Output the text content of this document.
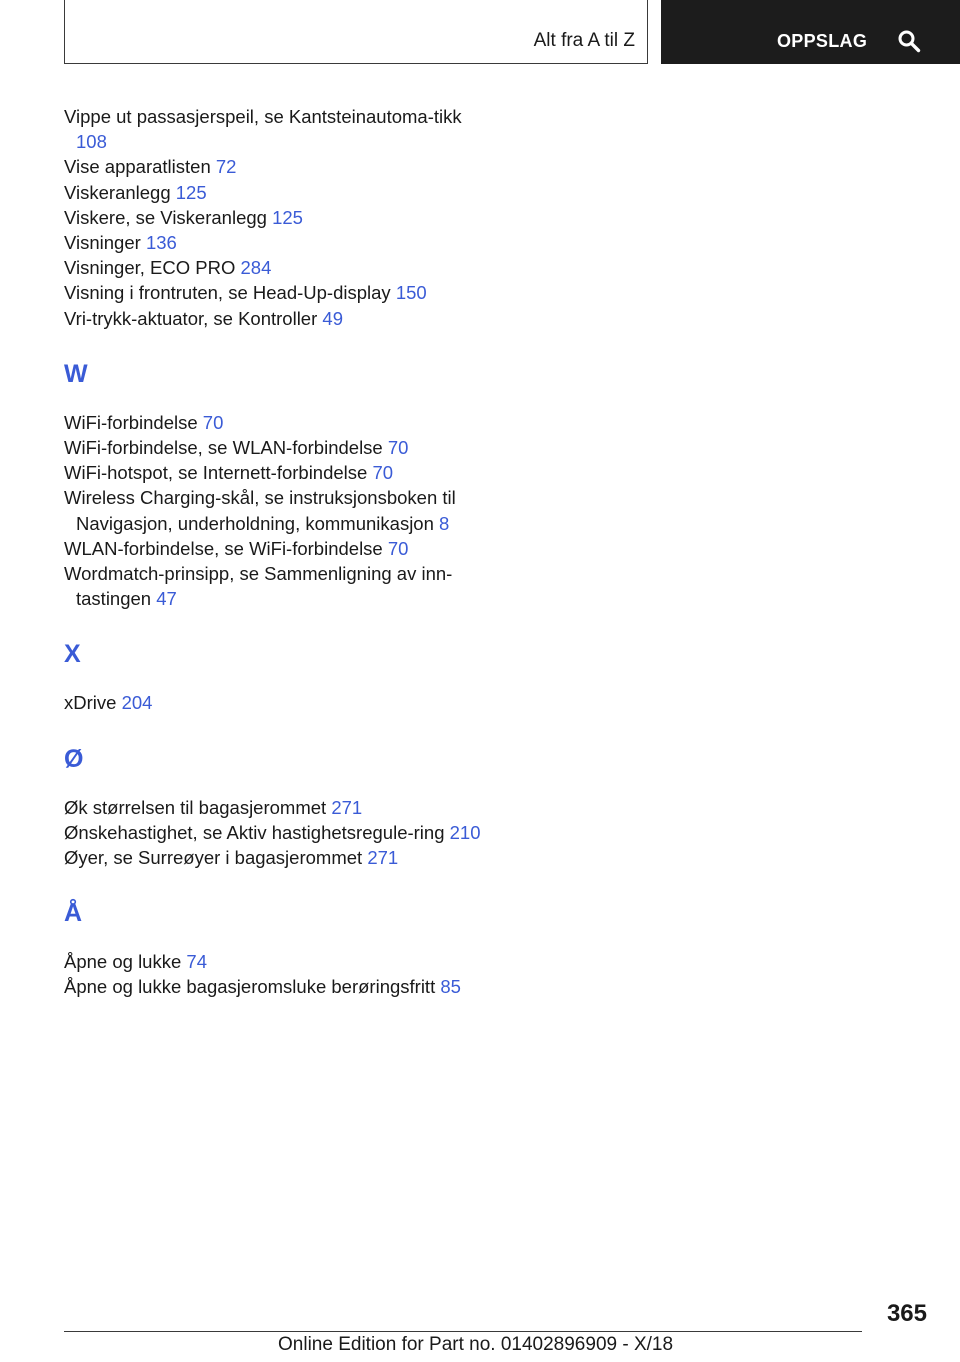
Alt fra A til Z	OPPSLAG
Vippe ut passasjerspeil, se Kantsteinautoma-tikk 108
Vise apparatlisten 72
Viskeranlegg 125
Viskere, se Viskeranlegg 125
Visninger 136
Visninger, ECO PRO 284
Visning i frontruten, se Head-Up-display 150
Vri-trykk-aktuator, se Kontroller 49
W
WiFi-forbindelse 70
WiFi-forbindelse, se WLAN-forbindelse 70
WiFi-hotspot, se Internett-forbindelse 70
Wireless Charging-skål, se instruksjonsboken til Navigasjon, underholdning, kommunikasjon 8
WLAN-forbindelse, se WiFi-forbindelse 70
Wordmatch-prinsipp, se Sammenligning av inn-tastingen 47
X
xDrive 204
Ø
Øk størrelsen til bagasjerommet 271
Ønskehastighet, se Aktiv hastighetsregule-ring 210
Øyer, se Surreøyer i bagasjerommet 271
Å
Åpne og lukke 74
Åpne og lukke bagasjeromsluke berøringsfritt 85
365
Online Edition for Part no. 01402896909 - X/18
